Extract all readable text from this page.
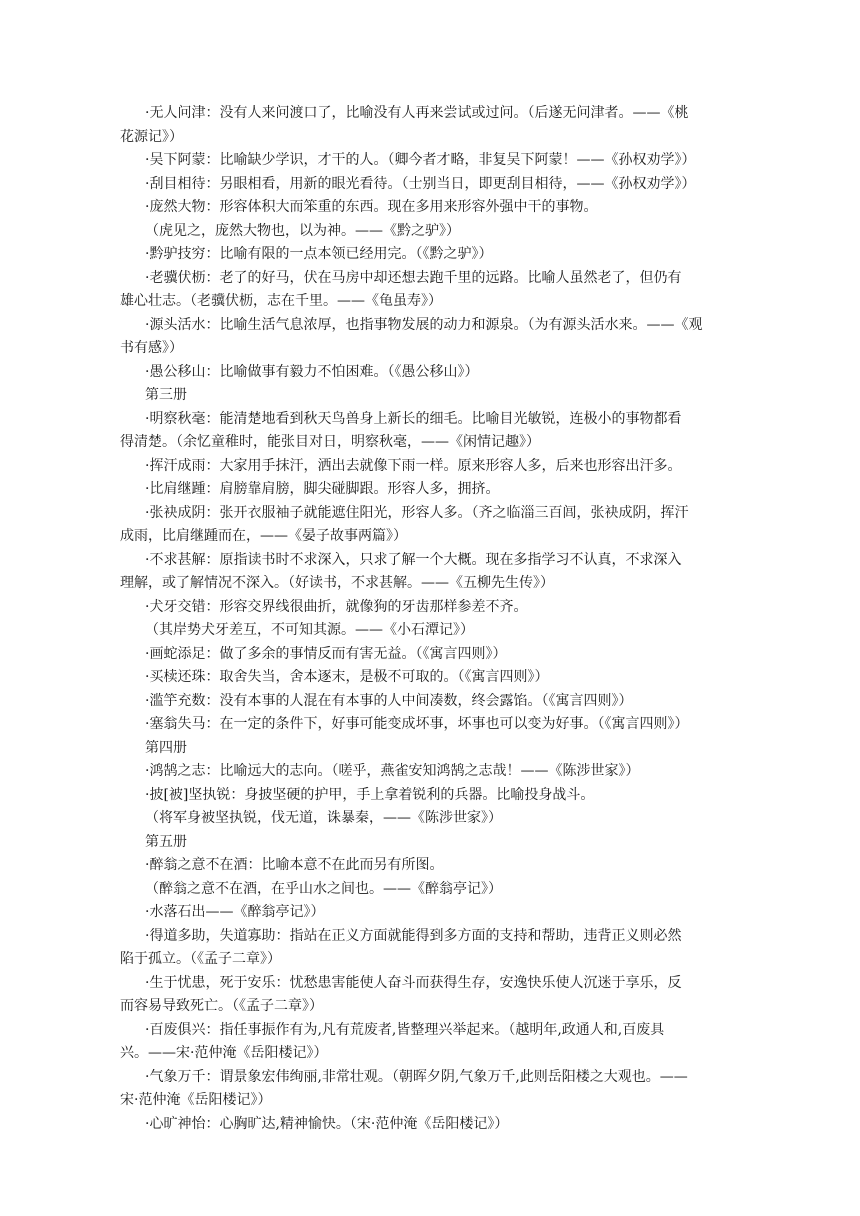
·无人问津：没有人来问渡口了，比喻没有人再来尝试或过问。（后遂无问津者。——《桃
花源记》）
·吴下阿蒙：比喻缺少学识，才干的人。（卿今者才略，非复吴下阿蒙！——《孙权劝学》）
·刮目相待：另眼相看，用新的眼光看待。（士别当日，即更刮目相待，——《孙权劝学》）
·庞然大物：形容体积大而笨重的东西。现在多用来形容外强中干的事物。
（虎见之，庞然大物也，以为神。——《黔之驴》）
·黔驴技穷：比喻有限的一点本领已经用完。（《黔之驴》）
·老骥伏枥：老了的好马，伏在马房中却还想去跑千里的远路。比喻人虽然老了，但仍有
雄心壮志。（老骥伏枥，志在千里。——《龟虽寿》）
·源头活水：比喻生活气息浓厚，也指事物发展的动力和源泉。（为有源头活水来。——《观
书有感》）
·愚公移山：比喻做事有毅力不怕困难。（《愚公移山》）
第三册
·明察秋毫：能清楚地看到秋天鸟兽身上新长的细毛。比喻目光敏锐，连极小的事物都看
得清楚。（余忆童稚时，能张目对日，明察秋毫，——《闲情记趣》）
·挥汗成雨：大家用手抹汗，洒出去就像下雨一样。原来形容人多，后来也形容出汗多。
·比肩继踵：肩膀靠肩膀，脚尖碰脚跟。形容人多，拥挤。
·张袂成阴：张开衣服袖子就能遮住阳光，形容人多。（齐之临淄三百闾，张袂成阴，挥汗
成雨，比肩继踵而在，——《晏子故事两篇》）
·不求甚解：原指读书时不求深入，只求了解一个大概。现在多指学习不认真，不求深入
理解，或了解情况不深入。（好读书，不求甚解。——《五柳先生传》）
·犬牙交错：形容交界线很曲折，就像狗的牙齿那样参差不齐。
（其岸势犬牙差互，不可知其源。——《小石潭记》）
·画蛇添足：做了多余的事情反而有害无益。（《寓言四则》）
·买椟还珠：取舍失当，舍本逐末，是极不可取的。（《寓言四则》）
·滥竽充数：没有本事的人混在有本事的人中间凑数，终会露馅。（《寓言四则》）
·塞翁失马：在一定的条件下，好事可能变成坏事，坏事也可以变为好事。（《寓言四则》）
第四册
·鸿鹄之志：比喻远大的志向。（嗟乎，燕雀安知鸿鹄之志哉！——《陈涉世家》）
·披[被]坚执锐：身披坚硬的护甲，手上拿着锐利的兵器。比喻投身战斗。
（将军身被坚执锐，伐无道，诛暴秦，——《陈涉世家》）
第五册
·醉翁之意不在酒：比喻本意不在此而另有所图。
（醉翁之意不在酒，在乎山水之间也。——《醉翁亭记》）
·水落石出——《醉翁亭记》）
·得道多助，失道寡助：指站在正义方面就能得到多方面的支持和帮助，违背正义则必然
陷于孤立。（《孟子二章》）
·生于忧患，死于安乐：忧愁患害能使人奋斗而获得生存，安逸快乐使人沉迷于享乐，反
而容易导致死亡。（《孟子二章》）
·百废俱兴：指任事振作有为,凡有荒废者,皆整理兴举起来。（越明年,政通人和,百废具
兴。——宋·范仲淹《岳阳楼记》）
·气象万千：谓景象宏伟绚丽,非常壮观。（朝晖夕阴,气象万千,此则岳阳楼之大观也。——
宋·范仲淹《岳阳楼记》）
·心旷神怡：心胸旷达,精神愉快。（宋·范仲淹《岳阳楼记》）
